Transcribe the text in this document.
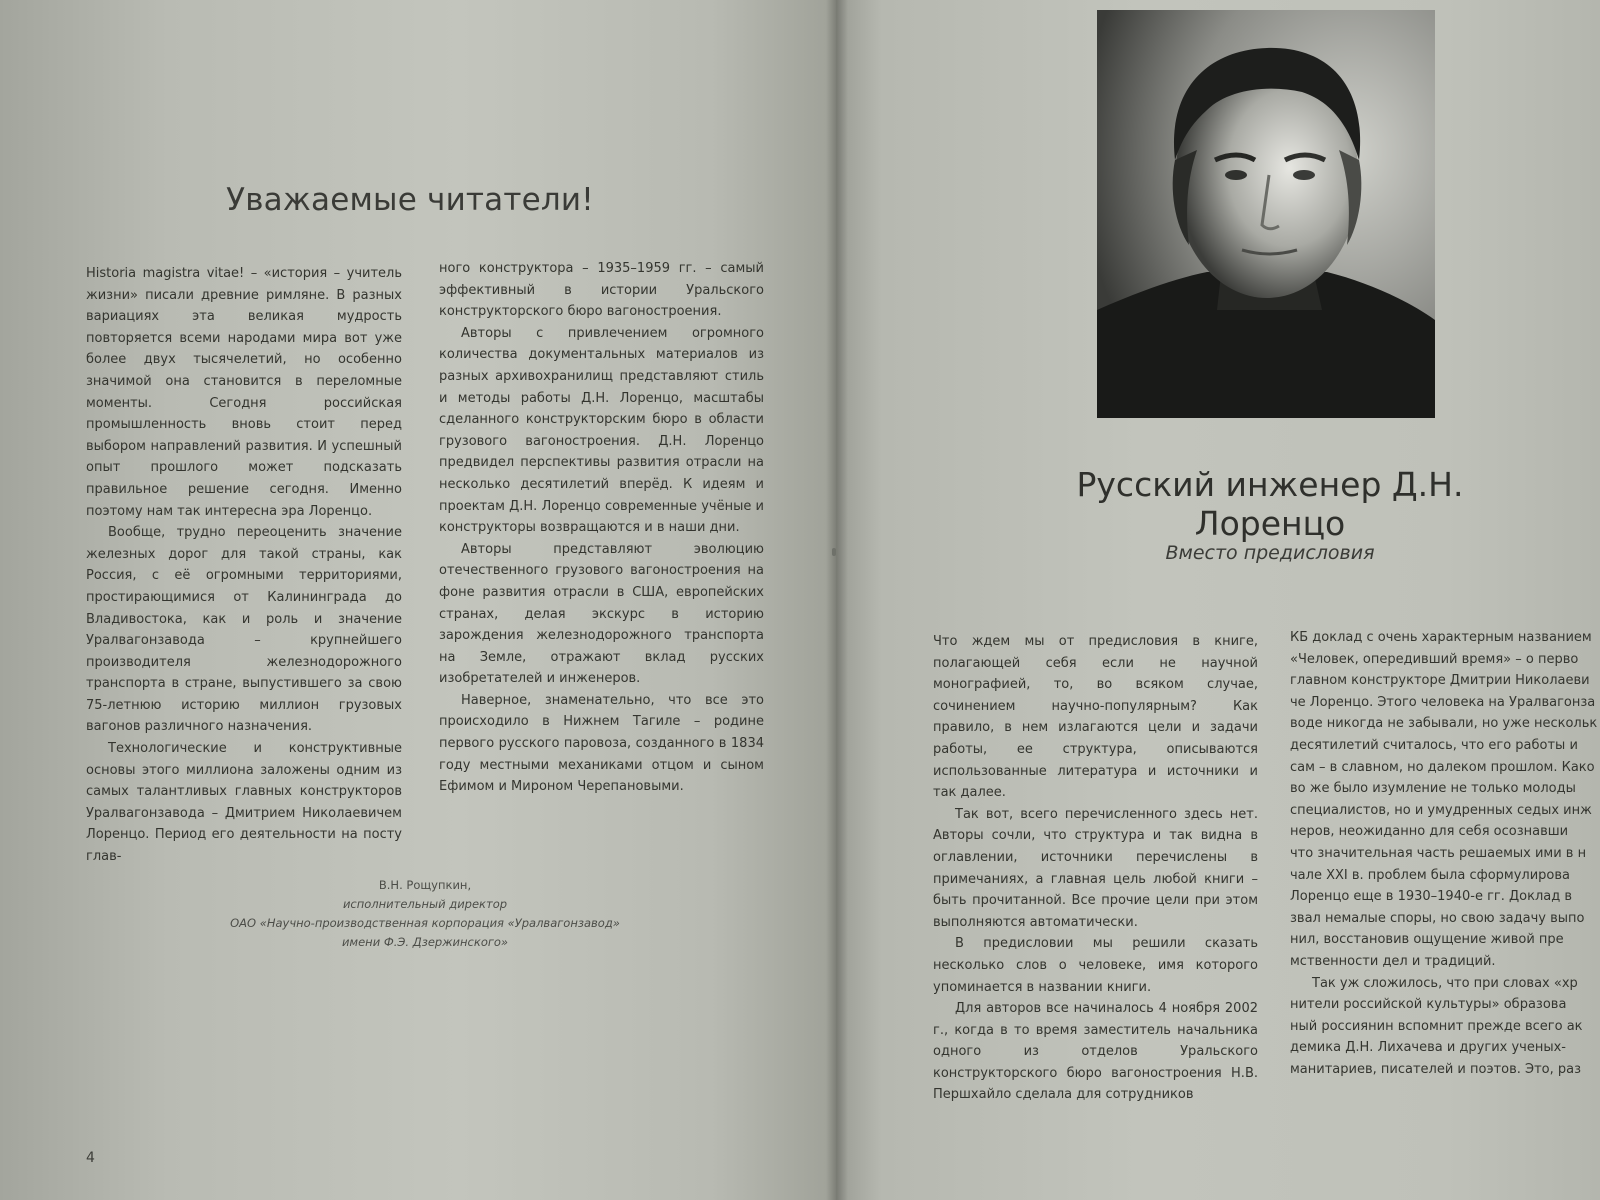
Уважаемые читатели!

Historia magistra vitae! – «история – учитель жизни» писали древние римляне. В разных вариациях эта великая мудрость повторяется всеми народами мира вот уже более двух тысячелетий, но особенно значимой она становится в переломные моменты. Сегодня российская промышленность вновь стоит перед выбором направлений развития. И успешный опыт прошлого может подсказать правильное решение сегодня. Именно поэтому нам так интересна эра Лоренцо.

Вообще, трудно переоценить значение железных дорог для такой страны, как Россия, с её огромными территориями, простирающимися от Калининграда до Владивостока, как и роль и значение Уралвагонзавода – крупнейшего производителя железнодорожного транспорта в стране, выпустившего за свою 75-летнюю историю миллион грузовых вагонов различного назначения.

Технологические и конструктивные основы этого миллиона заложены одним из самых талантливых главных конструкторов Уралвагонзавода – Дмитрием Николаевичем Лоренцо. Период его деятельности на посту глав-

ного конструктора – 1935–1959 гг. – самый эффективный в истории Уральского конструкторского бюро вагоностроения.

Авторы с привлечением огромного количества документальных материалов из разных архивохранилищ представляют стиль и методы работы Д.Н. Лоренцо, масштабы сделанного конструкторским бюро в области грузового вагоностроения. Д.Н. Лоренцо предвидел перспективы развития отрасли на несколько десятилетий вперёд. К идеям и проектам Д.Н. Лоренцо современные учёные и конструкторы возвращаются и в наши дни.

Авторы представляют эволюцию отечественного грузового вагоностроения на фоне развития отрасли в США, европейских странах, делая экскурс в историю зарождения железнодорожного транспорта на Земле, отражают вклад русских изобретателей и инженеров.

Наверное, знаменательно, что все это происходило в Нижнем Тагиле – родине первого русского паровоза, созданного в 1834 году местными механиками отцом и сыном Ефимом и Мироном Черепановыми.

В.Н. Рощупкин,
исполнительный директор
ОАО «Научно-производственная корпорация «Уралвагонзавод»
имени Ф.Э. Дзержинского»
4
Русский инженер Д.Н. Лоренцо
Вместо предисловия

Что ждем мы от предисловия в книге, полагающей себя если не научной монографией, то, во всяком случае, сочинением научно-популярным? Как правило, в нем излагаются цели и задачи работы, ее структура, описываются использованные литература и источники и так далее.

Так вот, всего перечисленного здесь нет. Авторы сочли, что структура и так видна в оглавлении, источники перечислены в примечаниях, а главная цель любой книги – быть прочитанной. Все прочие цели при этом выполняются автоматически.

В предисловии мы решили сказать несколько слов о человеке, имя которого упоминается в названии книги.

Для авторов все начиналось 4 ноября 2002 г., когда в то время заместитель начальника одного из отделов Уральского конструкторского бюро вагоностроения Н.В. Першхайло сделала для сотрудников

КБ доклад с очень характерным названием

«Человек, опередивший время» – о перво

главном конструкторе Дмитрии Николаеви

че Лоренцо. Этого человека на Уралвагонза

воде никогда не забывали, но уже нескольк

десятилетий считалось, что его работы и

сам – в славном, но далеком прошлом. Како

во же было изумление не только молоды

специалистов, но и умудренных седых инж

неров, неожиданно для себя осознавши

что значительная часть решаемых ими в н

чале XXI в. проблем была сформулирова

Лоренцо еще в 1930–1940-е гг. Доклад в

звал немалые споры, но свою задачу выпо

нил, восстановив ощущение живой пре

мственности дел и традиций.

Так уж сложилось, что при словах «хр

нители российской культуры» образова

ный россиянин вспомнит прежде всего ак

демика Д.Н. Лихачева и других ученых-

манитариев, писателей и поэтов. Это, раз
